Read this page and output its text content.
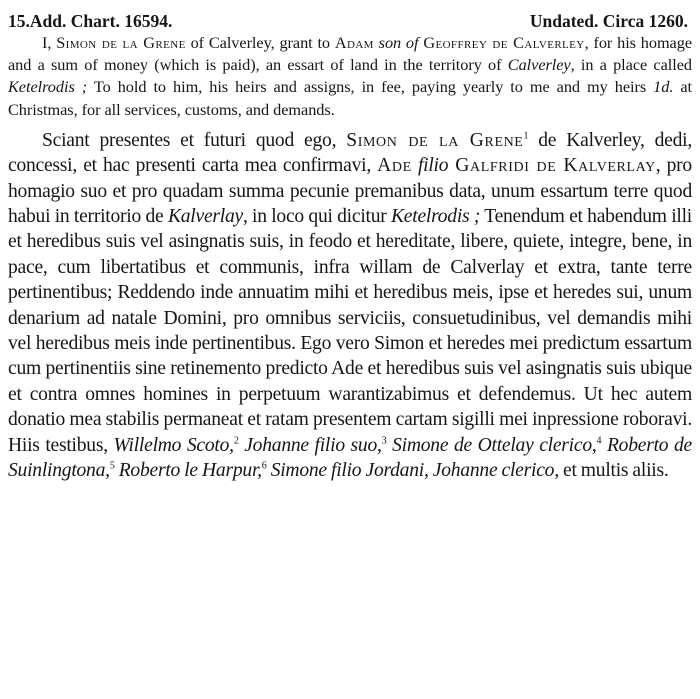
15.Add. Chart. 16594.	Undated. Circa 1260.

I, Simon de la Grene of Calverley, grant to Adam son of Geoffrey de Calverley, for his homage and a sum of money (which is paid), an essart of land in the territory of Calverley, in a place called Ketelrodis ; To hold to him, his heirs and assigns, in fee, paying yearly to me and my heirs 1d. at Christmas, for all services, customs, and demands.

Sciant presentes et futuri quod ego, Simon de la Grene$^1$ de Kalverley, dedi, concessi, et hac presenti carta mea confirmavi, Ade filio Galfridi de Kalverlay, pro homagio suo et pro quadam summa pecunie premanibus data, unum essartum terre quod habui in territorio de Kalverlay, in loco qui dicitur Ketelrodis ; Tenendum et habendum illi et heredibus suis vel asingnatis suis, in feodo et hereditate, libere, quiete, integre, bene, in pace, cum libertatibus et communis, infra willam de Calverlay et extra, tante terre pertinentibus; Reddendo inde annuatim mihi et heredibus meis, ipse et heredes sui, unum denarium ad natale Domini, pro omnibus serviciis, consuetudinibus, vel demandis mihi vel heredibus meis inde pertinentibus. Ego vero Simon et heredes mei predictum essartum cum pertinentiis sine retinemento predicto Ade et heredibus suis vel asingnatis suis ubique et contra omnes homines in perpetuum warantizabimus et defendemus. Ut hec autem donatio mea stabilis permaneat et ratam presentem cartam sigilli mei inpressione roboravi. Hiis testibus, Willelmo Scoto,$^2$ Johanne filio suo,$^3$ Simone de Ottelay clerico,$^4$ Roberto de Suinlingtona,$^5$ Roberto le Harpur,$^6$ Simone filio Jordani, Johanne clerico, et multis aliis.
